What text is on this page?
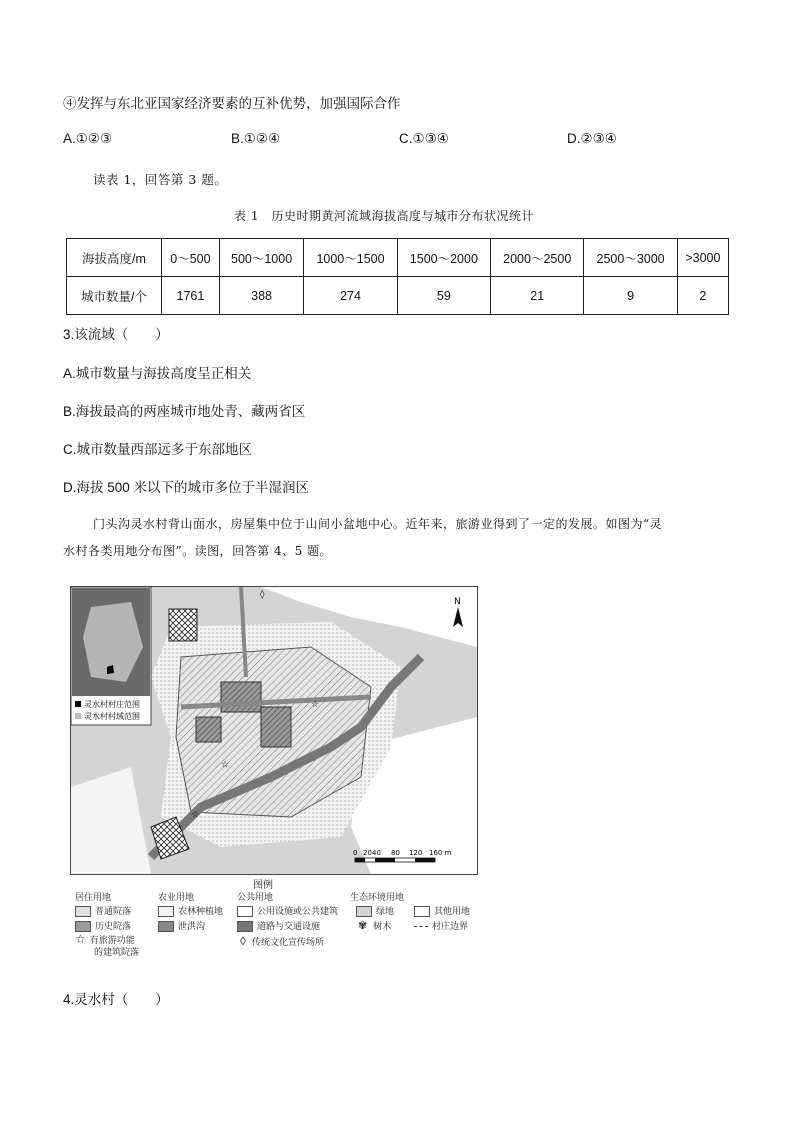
④发挥与东北亚国家经济要素的互补优势，加强国际合作
A.①②③	B.①②④	C.①③④	D.②③④
读表 1，回答第 3 题。
表 1　历史时期黄河流域海拔高度与城市分布状况统计
海拔高度/m	0～500	500～1000	1000～1500	1500～2000	2000～2500	2500～3000	>3000
城市数量/个	1761	388	274	59	21	9	2
3.该流域（　　）
A.城市数量与海拔高度呈正相关
B.海拔最高的两座城市地处青、藏两省区
C.城市数量西部远多于东部地区
D.海拔 500 米以下的城市多位于半湿润区
门头沟灵水村背山面水，房屋集中位于山间小盆地中心。近年来，旅游业得到了一定的发展。如图为“灵
水村各类用地分布图”。读图，回答第 4、5 题。
灵水村村庄范围
灵水村村域范围
N
0 20 40 80 120 160 m
☆
☆
☆
◊
图例
居住用地	农业用地	公共用地	生态环境用地
普通院落
历史院落
☆ 有旅游功能
的建筑院落
农林种植地
泄洪沟
公用设施或公共建筑
道路与交通设施
◊ 传统文化宣传场所
绿地
✾ 树木
其他用地
村庄边界
4.灵水村（　　）
